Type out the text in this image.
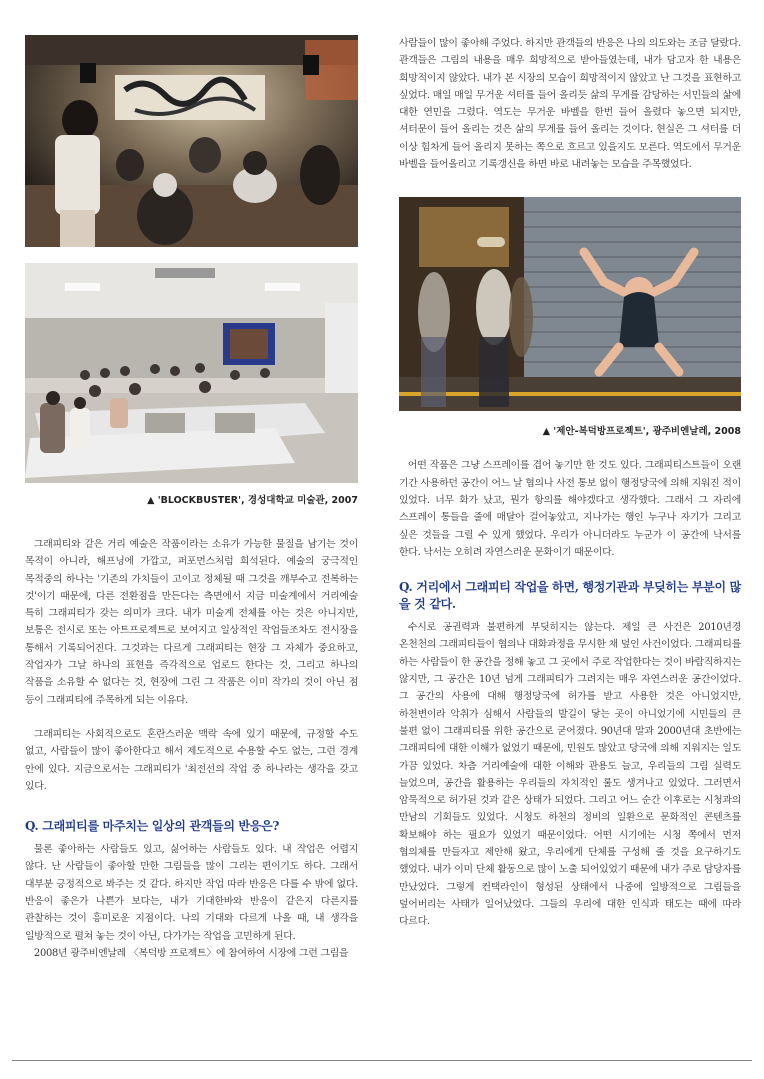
▲ 'BLOCKBUSTER', 경성대학교 미술관, 2007

그래피티와 같은 거리 예술은 작품이라는 소유가 가능한 물질을 남기는 것이 목적이 아니라, 해프닝에 가깝고, 퍼포먼스처럼 희석된다. 예술의 궁극적인 목적중의 하나는 '기존의 가치들이 고이고 정체될 때 그것을 깨부수고 전복하는 것'이기 때문에, 다른 전환점을 만든다는 측면에서 지금 미술계에서 거리예술 특히 그래피티가 갖는 의미가 크다. 내가 미술계 전체를 아는 것은 아니지만, 보통은 전시로 또는 아트프로젝트로 보여지고 일상적인 작업들조차도 전시장을 통해서 기록되어진다. 그것과는 다르게 그래피티는 현장 그 자체가 중요하고, 작업자가 그날 하나의 표현을 즉각적으로 업로드 한다는 것, 그리고 하나의 작품을 소유할 수 없다는 것, 현장에 그린 그 작품은 이미 작가의 것이 아닌 점 등이 그래피티에 주목하게 되는 이유다.

그래피티는 사회적으로도 혼란스러운 맥락 속에 있기 때문에, 규정할 수도 없고, 사람들이 많이 좋아한다고 해서 제도적으로 수용할 수도 없는, 그런 경계 안에 있다. 지금으로서는 그래피티가 '최전선의 작업 중 하나라는 생각을 갖고 있다.

Q. 그래피티를 마주치는 일상의 관객들의 반응은?

물론 좋아하는 사람들도 있고, 싫어하는 사람들도 있다. 내 작업은 어렵지 않다. 난 사람들이 좋아할 만한 그림들을 많이 그리는 편이기도 하다. 그래서 대부분 긍정적으로 봐주는 것 같다. 하지만 작업 따라 반응은 다를 수 밖에 없다. 반응이 좋은가 나쁜가 보다는, 내가 기대한바와 반응이 같은지 다른지를 관찰하는 것이 흥미로운 지점이다. 나의 기대와 다르게 나올 때, 내 생각을 일방적으로 펼쳐 놓는 것이 아닌, 다가가는 작업을 고민하게 된다.

2008년 광주비엔날레 〈복덕방 프로젝트〉에 참여하여 시장에 그런 그림을

사람들이 많이 좋아해 주었다. 하지만 관객들의 반응은 나의 의도와는 조금 달랐다. 관객들은 그림의 내용을 매우 희망적으로 받아들였는데, 내가 담고자 한 내용은 희망적이지 않았다. 내가 본 시장의 모습이 희망적이지 않았고 난 그것을 표현하고 싶었다. 매일 매일 무거운 셔터를 들어 올리듯 삶의 무게를 감당하는 서민들의 삶에 대한 연민을 그렸다. 역도는 무거운 바벨을 한번 들어 올렸다 놓으면 되지만, 셔터문이 들어 올리는 것은 삶의 무게를 들어 올리는 것이다. 현실은 그 셔터를 더 이상 힘차게 들어 올리지 못하는 쪽으로 흐르고 있을지도 모른다. 역도에서 무거운 바벨을 들어올리고 기록갱신을 하면 바로 내려놓는 모습을 주목했었다.

▲ '제안-복덕방프로젝트', 광주비엔날레, 2008

어떤 작품은 그냥 스프레이를 겹어 놓기만 한 것도 있다. 그래피티스트들이 오랜 기간 사용하던 공간이 어느 날 협의나 사전 통보 없이 행정당국에 의해 지워진 적이 있었다. 너무 화가 났고, 뭔가 항의를 해야겠다고 생각했다. 그래서 그 자리에 스프레이 통들을 줄에 매달아 걸어놓았고, 지나가는 행인 누구나 자기가 그리고 싶은 것들을 그릴 수 있게 했었다. 우리가 아니더라도 누군가 이 공간에 낙서를 한다. 낙서는 오히려 자연스러운 문화이기 때문이다.

Q. 거리에서 그래피티 작업을 하면, 행정기관과 부딪히는 부분이 많을 것 같다.

수시로 공권력과 불편하게 부딪히지는 않는다. 제일 큰 사건은 2010년경 온천천의 그래피티들이 협의나 대화과정을 무시한 채 덮인 사건이었다. 그래피티를 하는 사람들이 한 공간을 정해 놓고 그 곳에서 주로 작업한다는 것이 바람직하지는 않지만, 그 공간은 10년 넘게 그래피티가 그려지는 매우 자연스러운 공간이었다. 그 공간의 사용에 대해 행정당국에 허가를 받고 사용한 것은 아니었지만, 하천변이라 악취가 심해서 사람들의 발길이 닿는 곳이 아니었기에 시민들의 큰 불편 없이 그래피티를 위한 공간으로 굳어졌다. 90년대 말과 2000년대 초반에는 그래피티에 대한 이해가 없었기 때문에, 민원도 많았고 당국에 의해 지워지는 일도 가끔 있었다. 차츰 거리예술에 대한 이해와 관용도 늘고, 우리들의 그림 실력도 늘었으며, 공간을 활용하는 우리들의 자치적인 룰도 생겨나고 있었다. 그러면서 암묵적으로 허가된 것과 같은 상태가 되었다. 그리고 어느 순간 이후로는 시청과의 만남의 기회들도 있었다. 시청도 하천의 정비의 일환으로 문화적인 콘텐츠를 확보해야 하는 필요가 있었기 때문이었다. 어떤 시기에는 시청 쪽에서 먼저 협의체를 만들자고 제안해 왔고, 우리에게 단체를 구성해 줄 것을 요구하기도 했었다. 내가 이미 단체 활동으로 많이 노출 되어있었기 때문에 내가 주로 담당자를 만났었다. 그렇게 컨택라인이 형성된 상태에서 나중에 일방적으로 그림들을 덮어버리는 사태가 일어났었다. 그들의 우리에 대한 인식과 태도는 때에 따라 다르다.
